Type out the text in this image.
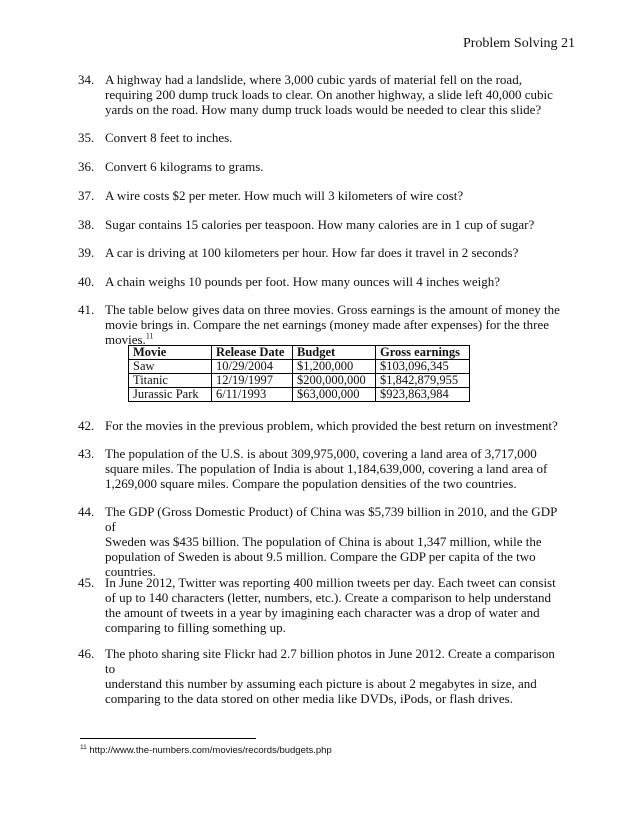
Problem Solving 21
34. A highway had a landslide, where 3,000 cubic yards of material fell on the road,
requiring 200 dump truck loads to clear. On another highway, a slide left 40,000 cubic
yards on the road. How many dump truck loads would be needed to clear this slide?
35. Convert 8 feet to inches.
36. Convert 6 kilograms to grams.
37. A wire costs $2 per meter. How much will 3 kilometers of wire cost?
38. Sugar contains 15 calories per teaspoon. How many calories are in 1 cup of sugar?
39. A car is driving at 100 kilometers per hour. How far does it travel in 2 seconds?
40. A chain weighs 10 pounds per foot. How many ounces will 4 inches weigh?
41. The table below gives data on three movies. Gross earnings is the amount of money the
movie brings in. Compare the net earnings (money made after expenses) for the three
movies.$^{11}$
Movie	Release Date	Budget	Gross earnings
Saw	10/29/2004	$1,200,000	$103,096,345
Titanic	12/19/1997	$200,000,000	$1,842,879,955
Jurassic Park	6/11/1993	$63,000,000	$923,863,984
42. For the movies in the previous problem, which provided the best return on investment?
43. The population of the U.S. is about 309,975,000, covering a land area of 3,717,000
square miles. The population of India is about 1,184,639,000, covering a land area of
1,269,000 square miles. Compare the population densities of the two countries.
44. The GDP (Gross Domestic Product) of China was $5,739 billion in 2010, and the GDP of
Sweden was $435 billion. The population of China is about 1,347 million, while the
population of Sweden is about 9.5 million. Compare the GDP per capita of the two
countries.
45. In June 2012, Twitter was reporting 400 million tweets per day. Each tweet can consist
of up to 140 characters (letter, numbers, etc.). Create a comparison to help understand
the amount of tweets in a year by imagining each character was a drop of water and
comparing to filling something up.
46. The photo sharing site Flickr had 2.7 billion photos in June 2012. Create a comparison to
understand this number by assuming each picture is about 2 megabytes in size, and
comparing to the data stored on other media like DVDs, iPods, or flash drives.
$^{11}$ http://www.the-numbers.com/movies/records/budgets.php
